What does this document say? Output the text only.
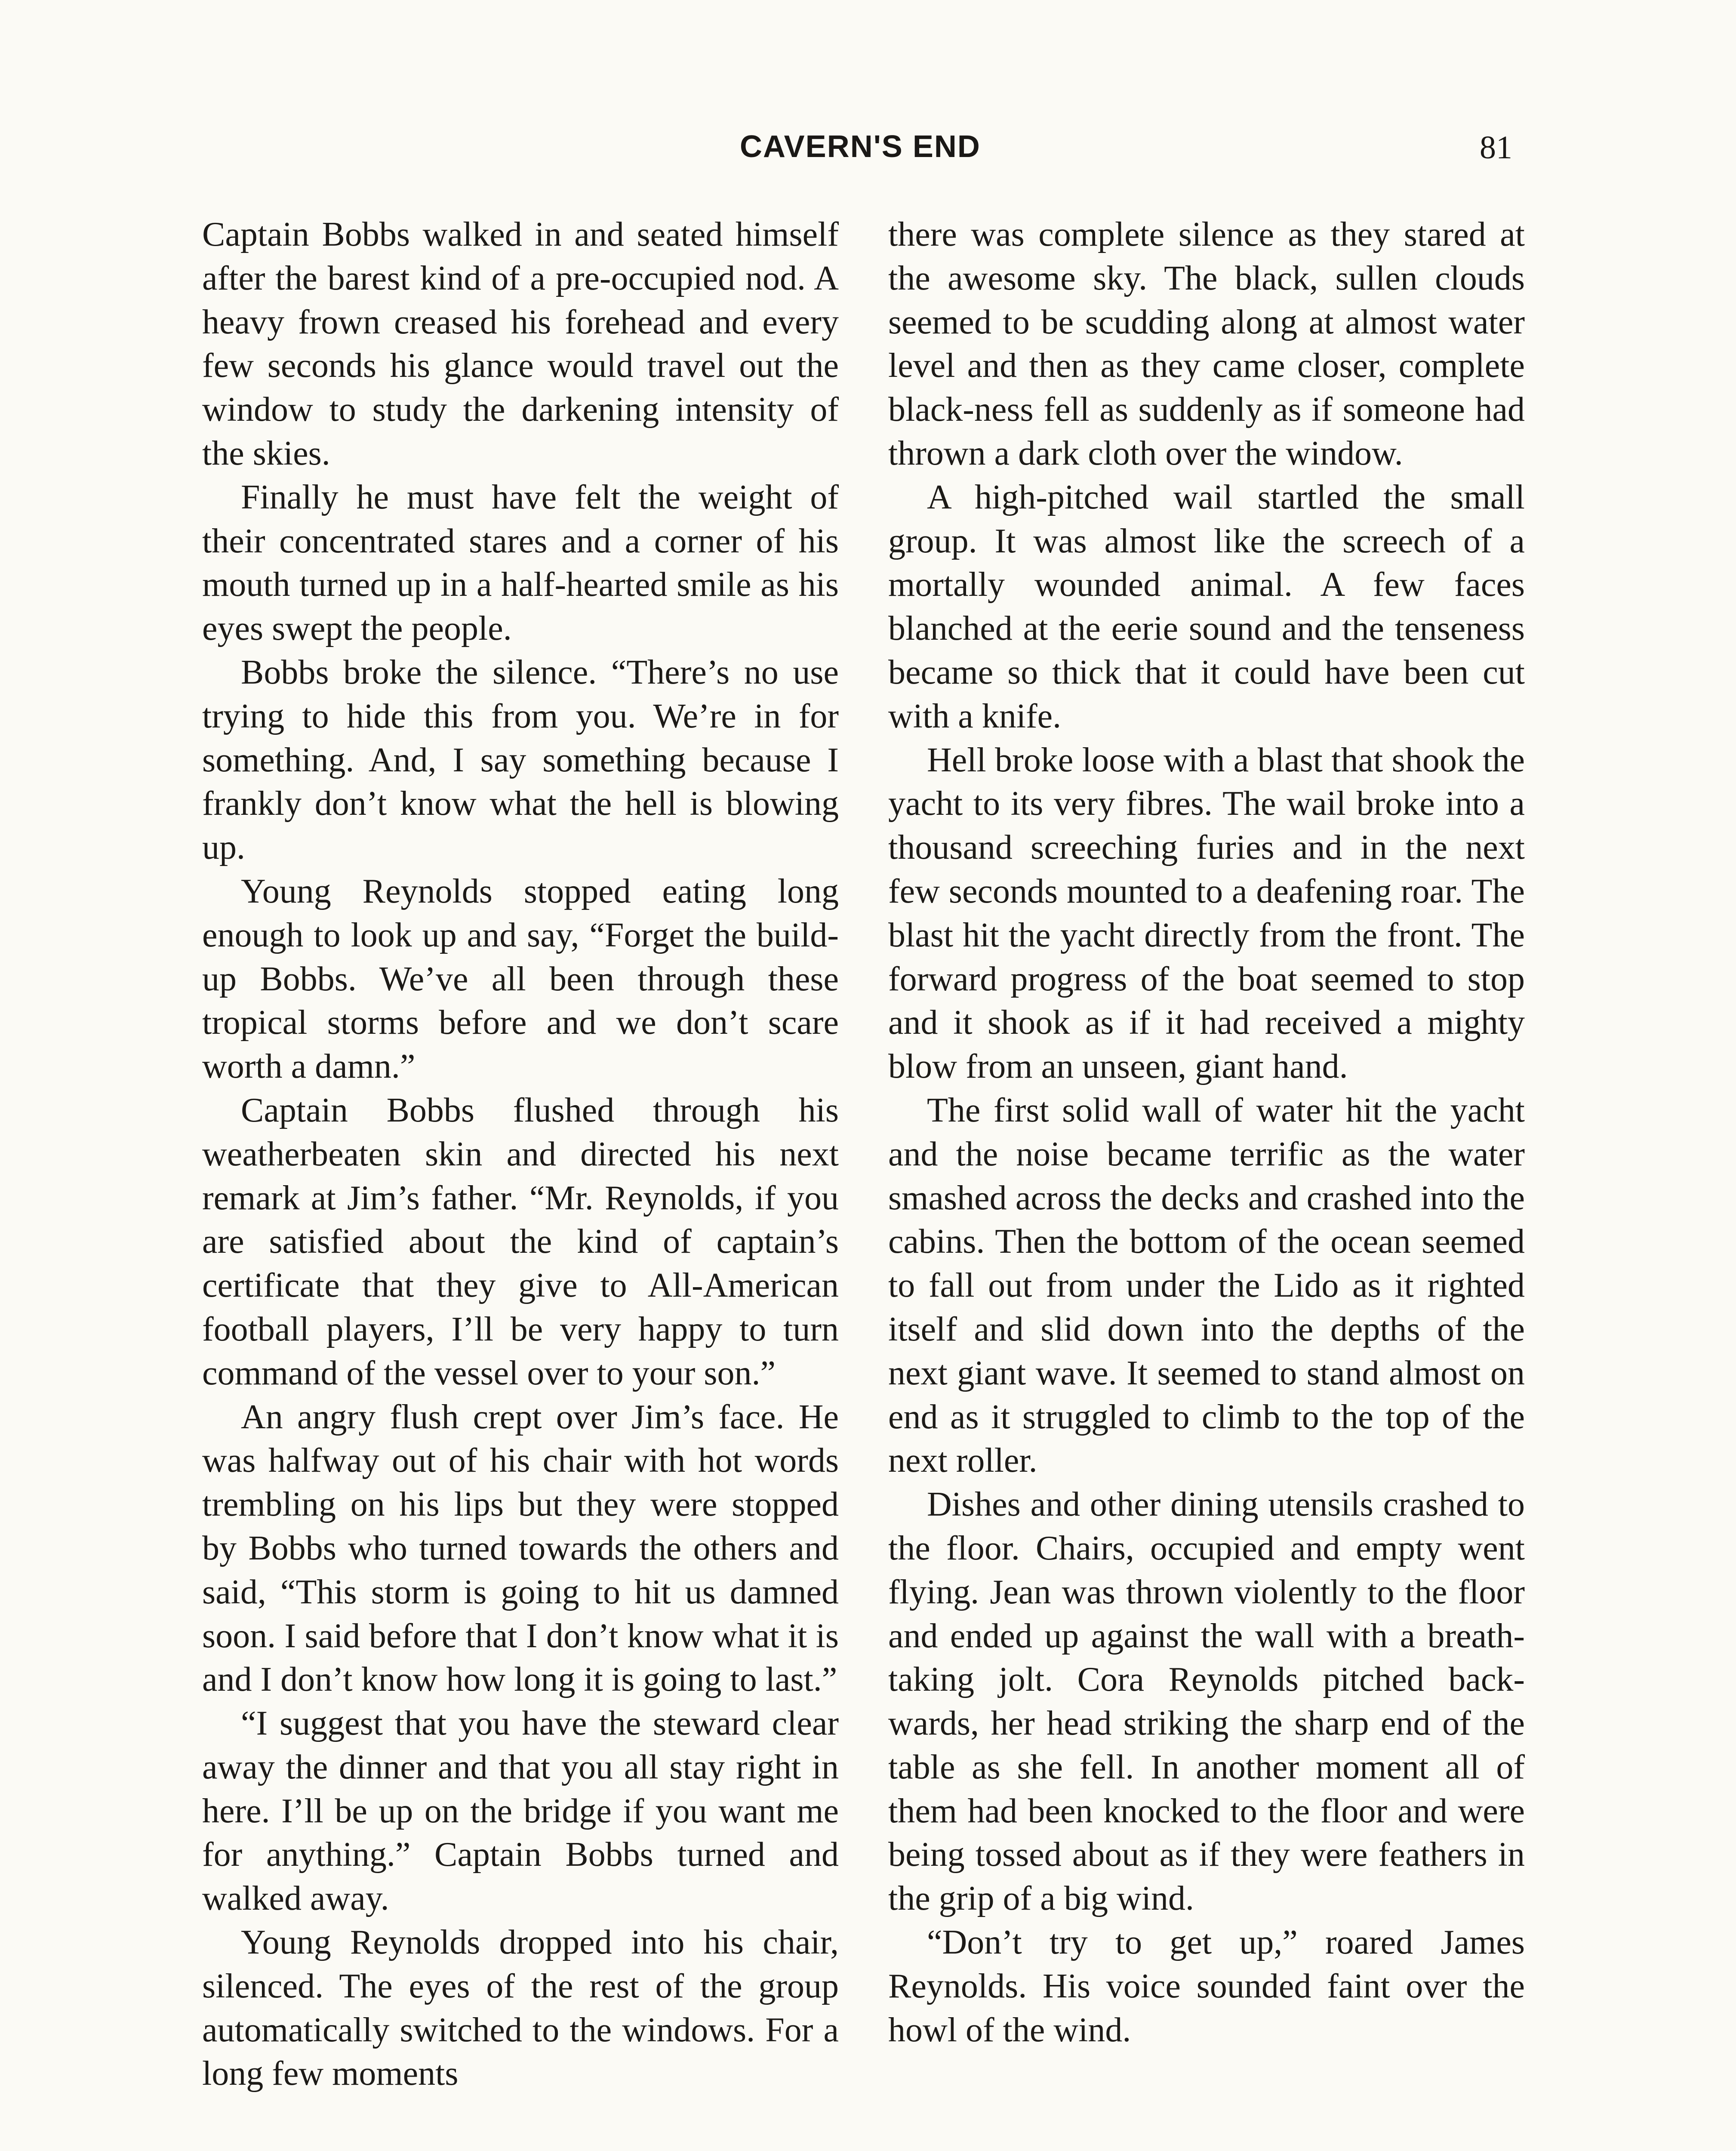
CAVERN'S END	81

Captain Bobbs walked in and seated himself after the barest kind of a pre-occupied nod. A heavy frown creased his forehead and every few seconds his glance would travel out the window to study the darkening intensity of the skies.

Finally he must have felt the weight of their concentrated stares and a corner of his mouth turned up in a half-hearted smile as his eyes swept the people.

Bobbs broke the silence. “There’s no use trying to hide this from you. We’re in for something. And, I say something because I frankly don’t know what the hell is blowing up.

Young Reynolds stopped eating long enough to look up and say, “Forget the build-up Bobbs. We’ve all been through these tropical storms before and we don’t scare worth a damn.”

Captain Bobbs flushed through his weatherbeaten skin and directed his next remark at Jim’s father. “Mr. Reynolds, if you are satisfied about the kind of captain’s certificate that they give to All-American football players, I’ll be very happy to turn command of the vessel over to your son.”

An angry flush crept over Jim’s face. He was halfway out of his chair with hot words trembling on his lips but they were stopped by Bobbs who turned towards the others and said, “This storm is going to hit us damned soon. I said before that I don’t know what it is and I don’t know how long it is going to last.”

“I suggest that you have the steward clear away the dinner and that you all stay right in here. I’ll be up on the bridge if you want me for anything.” Captain Bobbs turned and walked away.

Young Reynolds dropped into his chair, silenced. The eyes of the rest of the group automatically switched to the windows. For a long few moments

there was complete silence as they stared at the awesome sky. The black, sullen clouds seemed to be scudding along at almost water level and then as they came closer, complete black-ness fell as suddenly as if someone had thrown a dark cloth over the window.

A high-pitched wail startled the small group. It was almost like the screech of a mortally wounded animal. A few faces blanched at the eerie sound and the tenseness became so thick that it could have been cut with a knife.

Hell broke loose with a blast that shook the yacht to its very fibres. The wail broke into a thousand screeching furies and in the next few seconds mounted to a deafening roar. The blast hit the yacht directly from the front. The forward progress of the boat seemed to stop and it shook as if it had received a mighty blow from an unseen, giant hand.

The first solid wall of water hit the yacht and the noise became terrific as the water smashed across the decks and crashed into the cabins. Then the bottom of the ocean seemed to fall out from under the Lido as it righted itself and slid down into the depths of the next giant wave. It seemed to stand almost on end as it struggled to climb to the top of the next roller.

Dishes and other dining utensils crashed to the floor. Chairs, occupied and empty went flying. Jean was thrown violently to the floor and ended up against the wall with a breath-taking jolt. Cora Reynolds pitched back-wards, her head striking the sharp end of the table as she fell. In another moment all of them had been knocked to the floor and were being tossed about as if they were feathers in the grip of a big wind.

“Don’t try to get up,” roared James Reynolds. His voice sounded faint over the howl of the wind.
